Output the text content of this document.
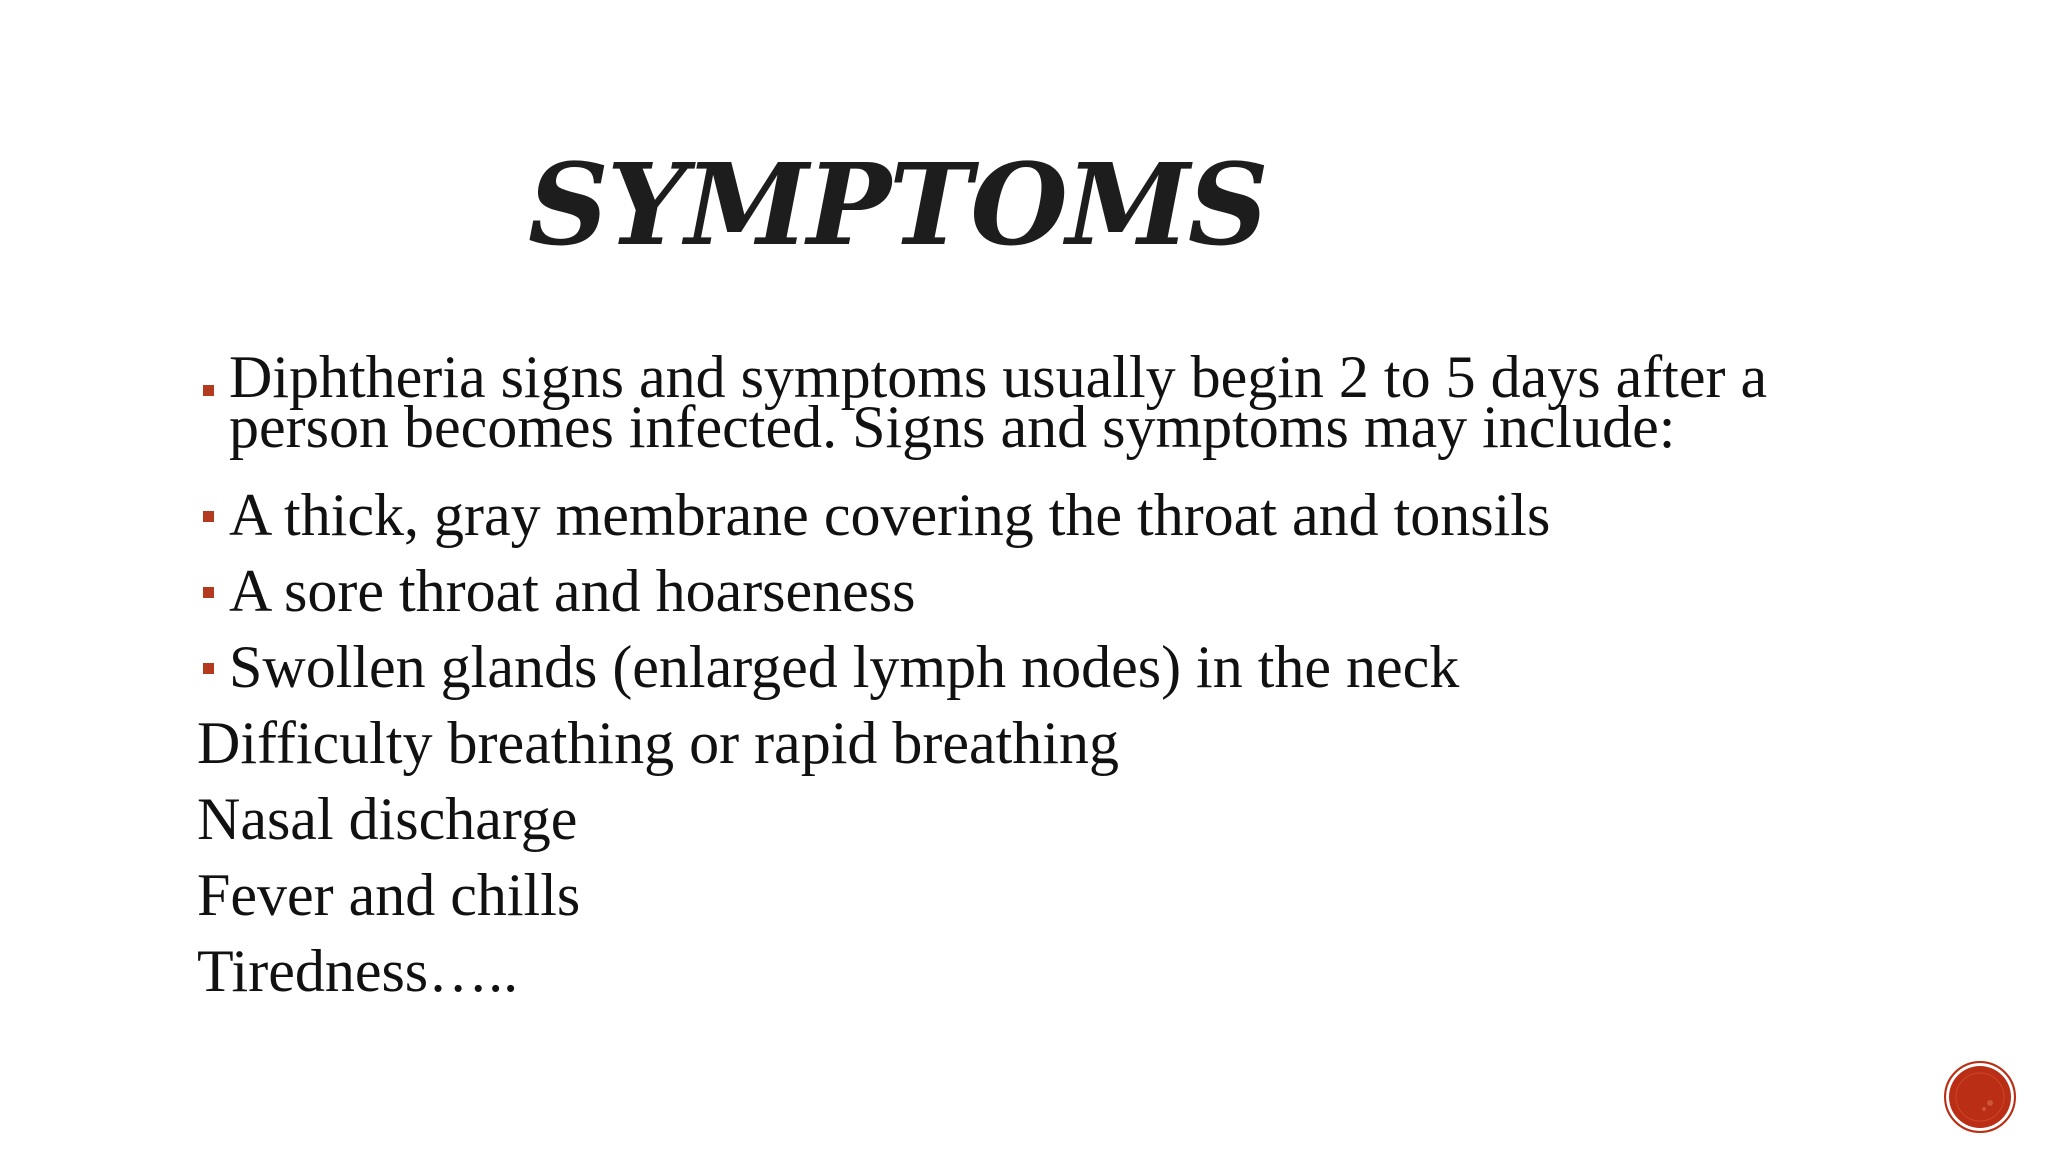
SYMPTOMS
Diphtheria signs and symptoms usually begin 2 to 5 days after a person becomes infected. Signs and symptoms may include:
A thick, gray membrane covering the throat and tonsils
A sore throat and hoarseness
Swollen glands (enlarged lymph nodes) in the neck
Difficulty breathing or rapid breathing
Nasal discharge
Fever and chills
Tiredness…..
